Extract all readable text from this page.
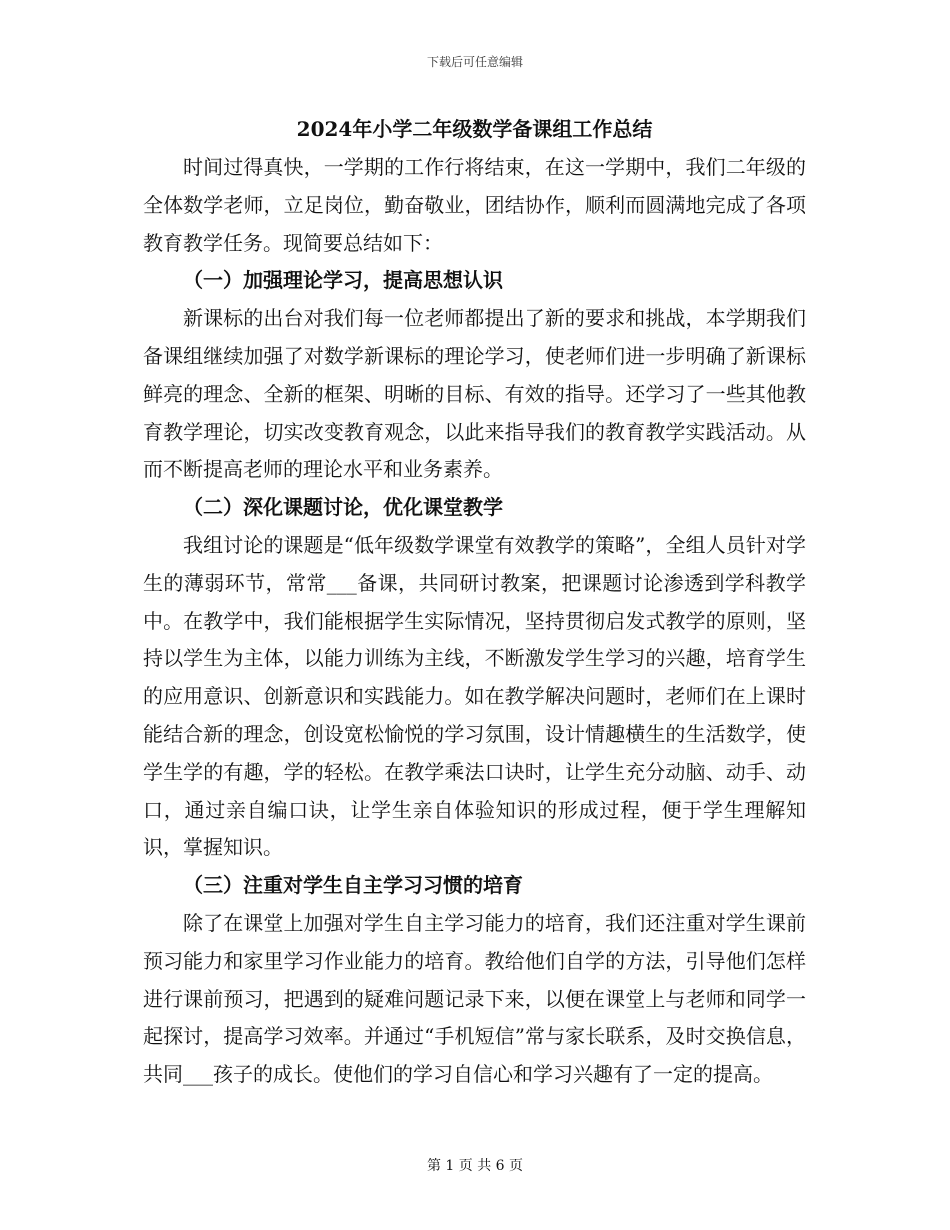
下载后可任意编辑
2024年小学二年级数学备课组工作总结

时间过得真快，一学期的工作行将结束，在这一学期中，我们二年级的全体数学老师，立足岗位，勤奋敬业，团结协作，顺利而圆满地完成了各项教育教学任务。现简要总结如下：

（一）加强理论学习，提高思想认识

新课标的出台对我们每一位老师都提出了新的要求和挑战，本学期我们备课组继续加强了对数学新课标的理论学习，使老师们进一步明确了新课标鲜亮的理念、全新的框架、明晰的目标、有效的指导。还学习了一些其他教育教学理论，切实改变教育观念，以此来指导我们的教育教学实践活动。从而不断提高老师的理论水平和业务素养。

（二）深化课题讨论，优化课堂教学

我组讨论的课题是“低年级数学课堂有效教学的策略”，全组人员针对学生的薄弱环节，常常___备课，共同研讨教案，把课题讨论渗透到学科教学中。在教学中，我们能根据学生实际情况，坚持贯彻启发式教学的原则，坚持以学生为主体，以能力训练为主线，不断激发学生学习的兴趣，培育学生的应用意识、创新意识和实践能力。如在教学解决问题时，老师们在上课时能结合新的理念，创设宽松愉悦的学习氛围，设计情趣横生的生活数学，使学生学的有趣，学的轻松。在教学乘法口诀时，让学生充分动脑、动手、动口，通过亲自编口诀，让学生亲自体验知识的形成过程，便于学生理解知识，掌握知识。

（三）注重对学生自主学习习惯的培育

除了在课堂上加强对学生自主学习能力的培育，我们还注重对学生课前预习能力和家里学习作业能力的培育。教给他们自学的方法，引导他们怎样进行课前预习，把遇到的疑难问题记录下来，以便在课堂上与老师和同学一起探讨，提高学习效率。并通过“手机短信”常与家长联系，及时交换信息，共同___孩子的成长。使他们的学习自信心和学习兴趣有了一定的提高。

第 1 页 共 6 页
